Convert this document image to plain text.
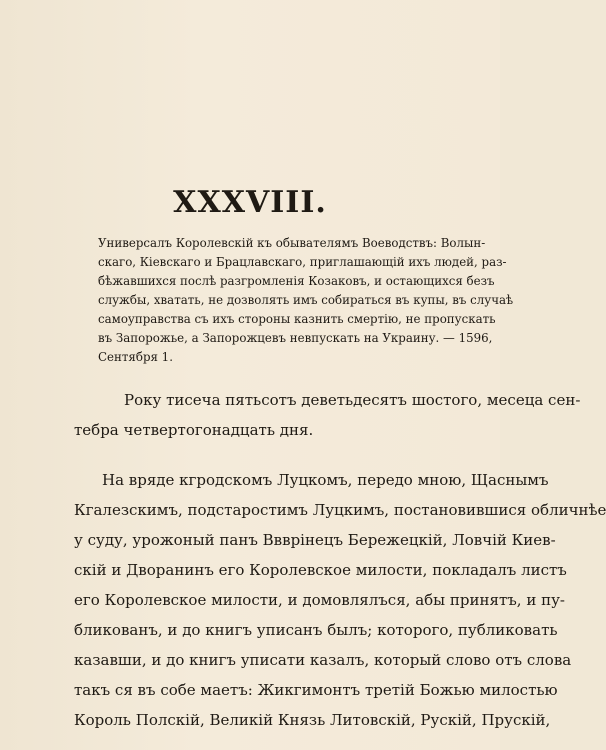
XXXVIII.

Универсалъ Королевскій къ обывателямъ Воеводствъ: Волын-
скаго, Кіевскаго и Брацлавскаго, приглашающій ихъ людей, раз-
бѣжавшихся послѣ разгромленія Козаковъ, и остающихся безъ
службы, хватать, не дозволять имъ собираться въ купы, въ случаѣ
самоуправства съ ихъ стороны казнить смертію, не пропускать
въ Запорожье, а Запорожцевъ невпускать на Украину. — 1596,
Сентября 1.

Року тисеча пятьсотъ деветьдесятъ шостого, месеца сен-
тебра четвертогонадцать дня.

На вряде кгродскомъ Луцкомъ, передо мною, Щаснымъ
Кгалезскимъ, подстаростимъ Луцкимъ, постановившися обличнѣе
у суду, урожоный панъ Ввврінецъ Бережецкій, Ловчій Киев-
скій и Дворанинъ его Королевское милости, покладалъ листъ
его Королевское милости, и домовлялъся, абы принятъ, и пу-
бликованъ, и до книгъ уписанъ былъ; которого, публиковать
казавши, и до книгъ уписати казалъ, который слово отъ слова
такъ ся въ собе маетъ: Жикгимонтъ третій Божью милостью
Король Полскій, Великій Князь Литовскій, Рускій, Прускій,
